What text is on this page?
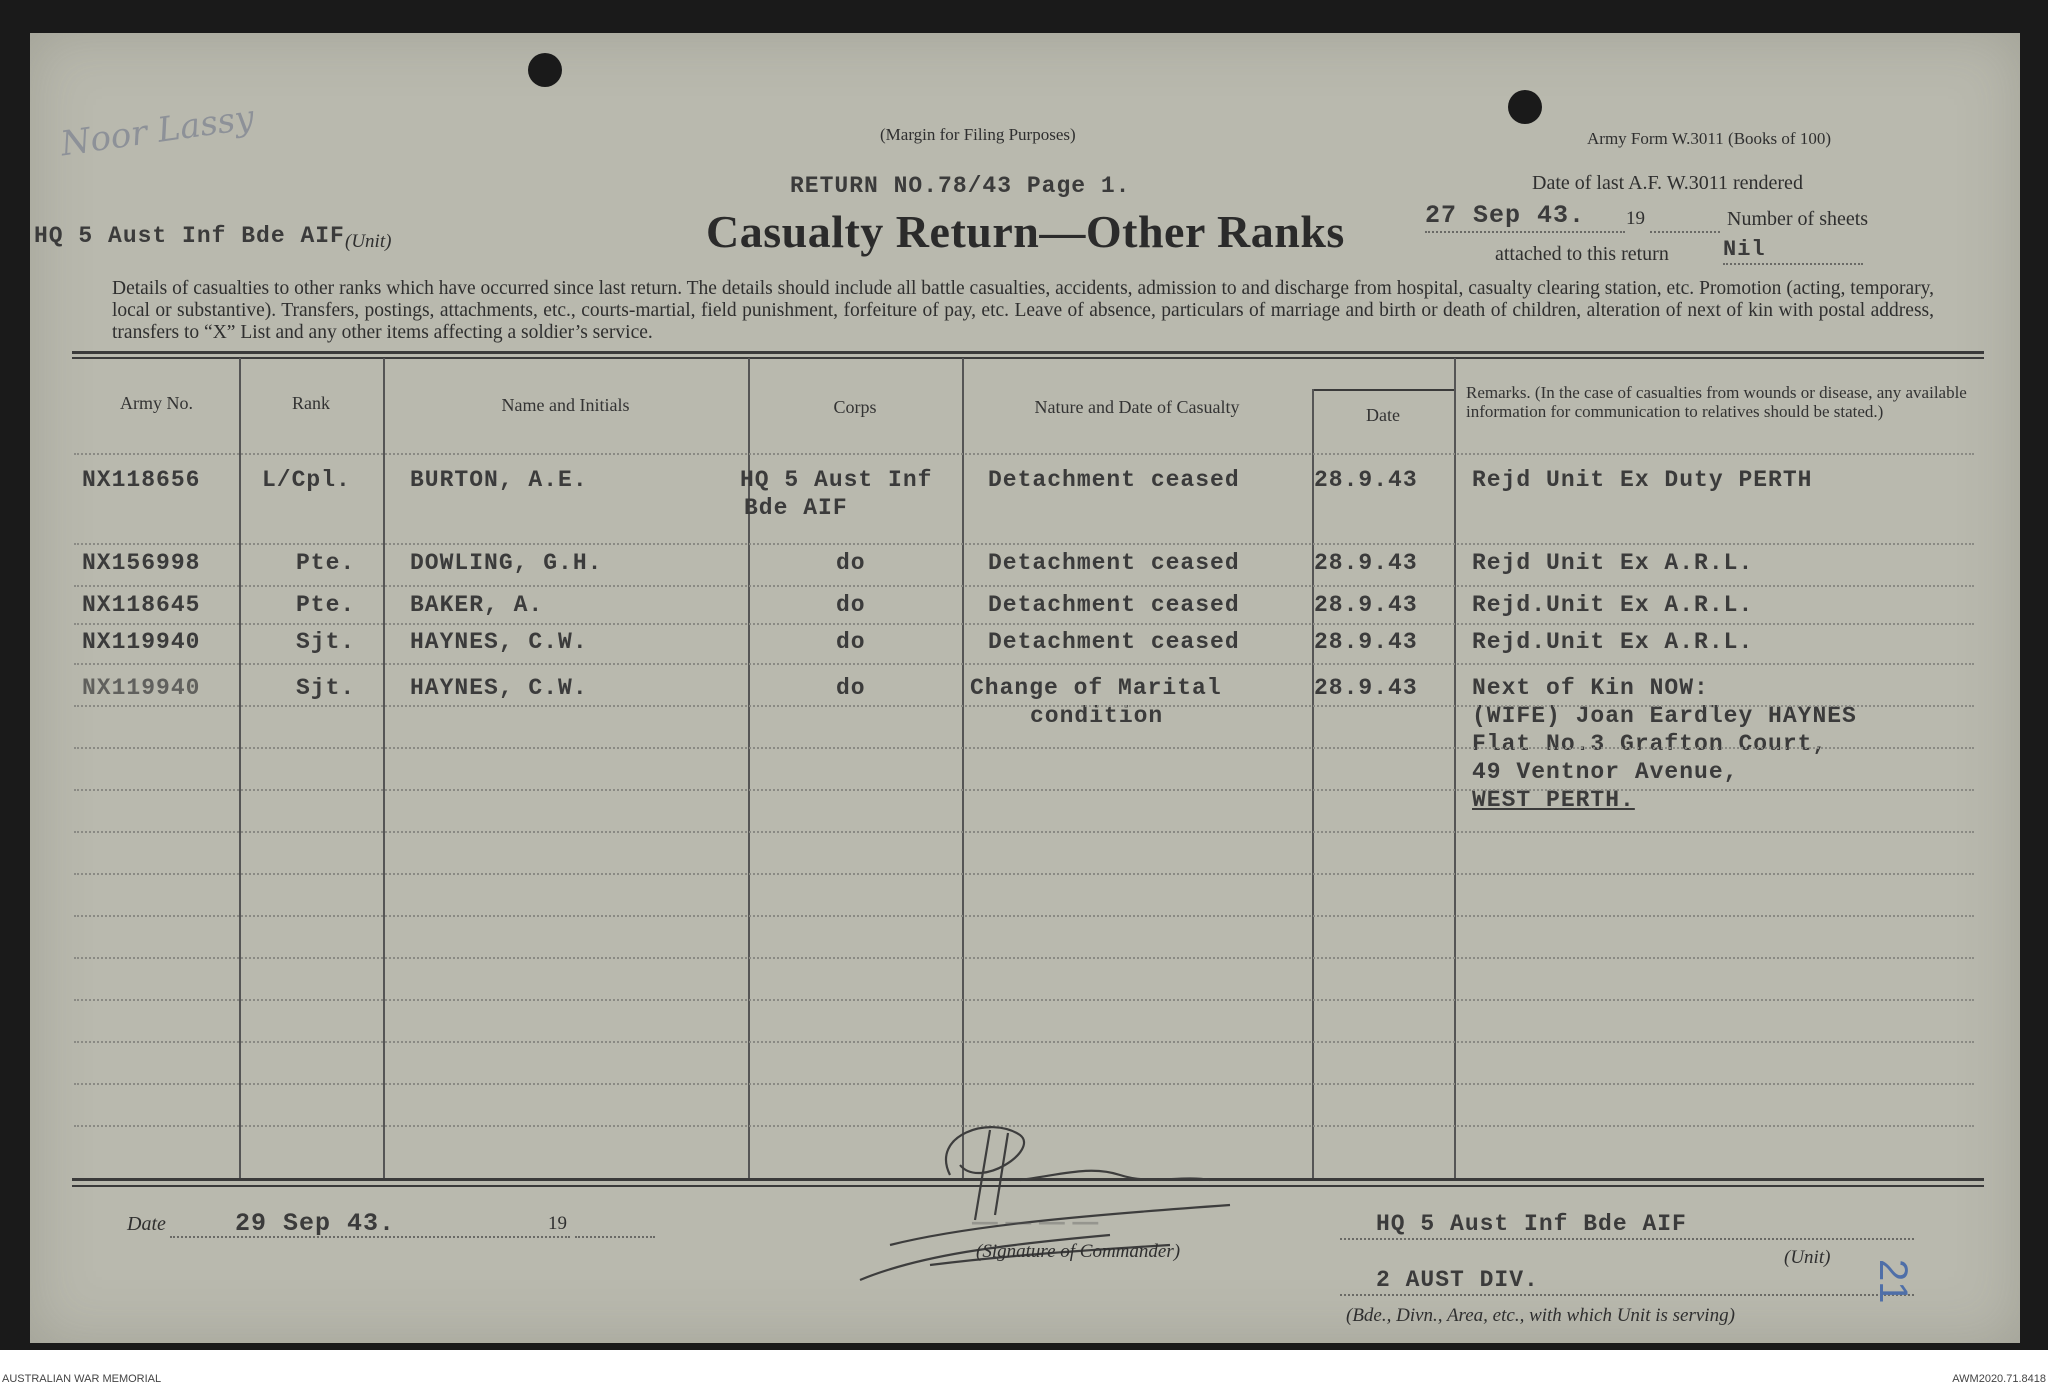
Noor Lassy	(Margin for Filing Purposes)	Army Form W.3011 (Books of 100)
RETURN NO.78/43 Page 1.
Casualty Return—Other Ranks
HQ 5 Aust Inf Bde AIF (Unit)
Date of last A.F. W.3011 rendered
27 Sep 43. 19	Number of sheets
attached to this return Nil
Details of casualties to other ranks which have occurred since last return. The details should include all battle casualties, accidents, admission to and discharge from hospital, casualty clearing station, etc. Promotion (acting, temporary, local or substantive). Transfers, postings, attachments, etc., courts-martial, field punishment, forfeiture of pay, etc. Leave of absence, particulars of marriage and birth or death of children, alteration of next of kin with postal address, transfers to “X” List and any other items affecting a soldier’s service.
Army No.	Rank	Name and Initials	Corps	Nature and Date of Casualty	Date
Remarks. (In the case of casualties from wounds or disease, any available information for communication to relatives should be stated.)
NX118656	L/Cpl.	BURTON, A.E.	HQ 5 Aust Inf
Bde AIF
Detachment ceased	28.9.43 Rejd Unit Ex Duty PERTH
NX156998	Pte. DOWLING, G.H.	do	Detachment ceased	28.9.43 Rejd Unit Ex A.R.L.
NX118645	Pte. BAKER, A.	do	Detachment ceased	28.9.43 Rejd.Unit Ex A.R.L.
NX119940	Sjt. HAYNES, C.W.	do	Detachment ceased	28.9.43 Rejd.Unit Ex A.R.L.
NX119940	Sjt. HAYNES, C.W.	do	Change of Marital
condition
28.9.43 Next of Kin NOW:
(WIFE) Joan Eardley HAYNES
Flat No.3 Grafton Court,
49 Ventnor Avenue,
WEST PERTH.
Date	29 Sep 43.	19	────
(Signature of Commander)
HQ 5 Aust Inf Bde AIF
(Unit)
2 AUST DIV.
(Bde., Divn., Area, etc., with which Unit is serving)
21
AUSTRALIAN WAR MEMORIAL	AWM2020.71.8418
